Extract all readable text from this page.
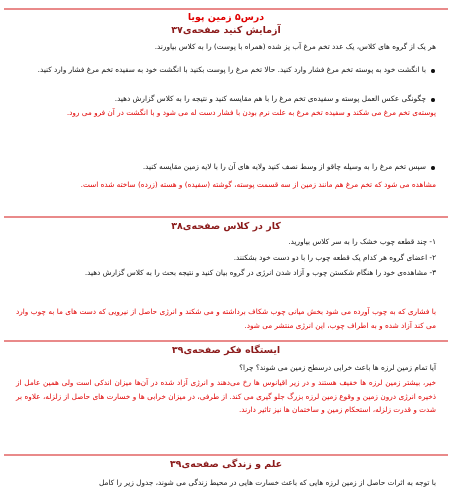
درس۵ زمین پویا
آزمایش کنید صفحه‌ی۳۷
هر یک از گروه های کلاس، یک عدد تخم مرغ آب پز شده (همراه با پوست) را به کلاس بیاورند.
با انگشت خود به پوسته تخم مرغ فشار وارد کنید. حالا تخم مرغ را پوست بکنید با انگشت خود به سفیده تخم مرغ فشار وارد کنید.
چگونگی عکس العمل پوسته و سفیده‌ی تخم مرغ را با هم مقایسه کنید و نتیجه را به کلاس گزارش دهید.
پوسته‌ی تخم مرغ می شکند و سفیده تخم مرغ به علت نرم بودن با فشار دست له می شود و با انگشت در آن فرو می رود.
سپس تخم مرغ را به وسیله چاقو از وسط نصف کنید ولایه های آن را با لایه زمین مقایسه کنید.
مشاهده می شود که تخم مرغ هم مانند زمین از سه قسمت پوسته، گوشته (سفیده) و هسته (زرده) ساخته شده است.
کار در کلاس صفحه‌ی۳۸
۱- چند قطعه چوب خشک را به سر کلاس بیاورید.
۲- اعضای گروه هر کدام یک قطعه چوب را با دو دست خود بشکنند.
۳- مشاهده‌ی خود را هنگام شکستن چوب و آزاد شدن انرژی در گروه بیان کنید و نتیجه بحث را به کلاس گزارش دهید.
با فشاری که به چوب آورده می شود بخش میانی چوب شکاف برداشته و می شکند و انرژی حاصل از نیرویی که دست های ما به چوب وارد می کند آزاد شده و به اطراف چوب، این انرژی منتشر می شود.
ایستگاه فکر صفحه‌ی۳۹
آیا تمام زمین لرزه ها باعث خرابی درسطح زمین می شوند؟ چرا؟
خیر، بیشتر زمین لرزه ها خفیف هستند و در زیر اقیانوس ها رخ می‌دهند و انرژی آزاد شده در آن‌ها میزان اندکی است ولی همین عامل از ذخیره انرژی درون زمین و وقوع زمین لرزه بزرگ جلو گیری می کند. از طرفی، در میزان خرابی ها و خسارت های حاصل از زلزله، علاوه بر شدت و قدرت زلزله، استحکام زمین و ساختمان ها نیز تاثیر دارند.
علم و زندگی صفحه‌ی۳۹
با توجه به اثرات حاصل از زمین لرزه هایی که باعث خسارت هایی در محیط زندگی می شوند، جدول زیر را کامل
